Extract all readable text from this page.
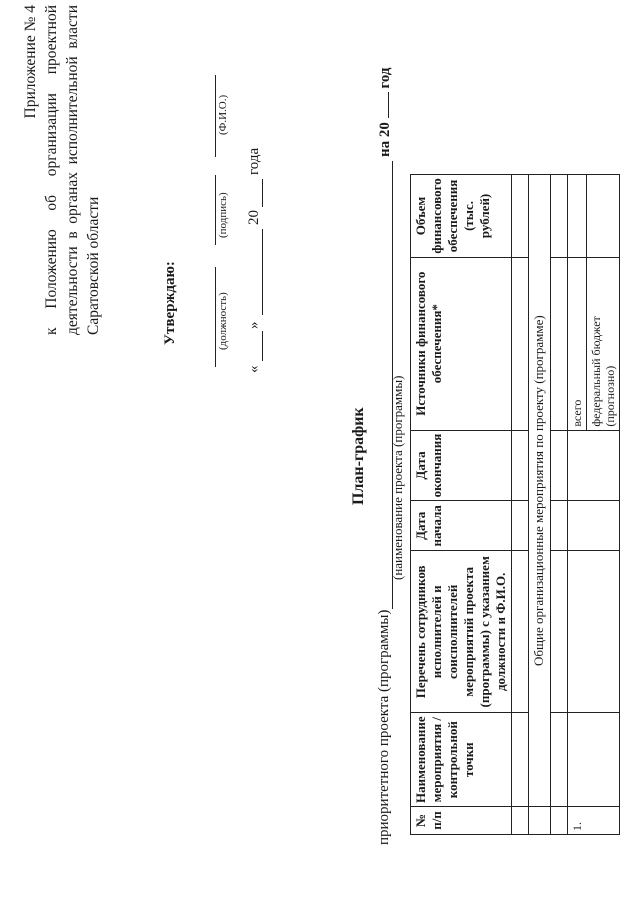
Приложение № 4 к Положению об организации проектной деятельности в органах исполнительной власти Саратовской области	Утверждаю:	(должность)
(подпись)
(Ф.И.О.)
«
»
20
года
План-график
приоритетного проекта (программы)
(наименование проекта (программы)
на 20  год
№ п/п	Наименование мероприятия / контрольной точки	Перечень сотрудников исполнителей и соисполнителей мероприятий проекта (программы) с указанием должности и Ф.И.О.	Дата начала	Дата окончания	Источники финансового обеспечения*	Объем финансового обеспечения (тыс. рублей)

	Общие организационные мероприятия по проекту (программе)					

1.					всего	
					федеральный бюджет (прогнозно)	
